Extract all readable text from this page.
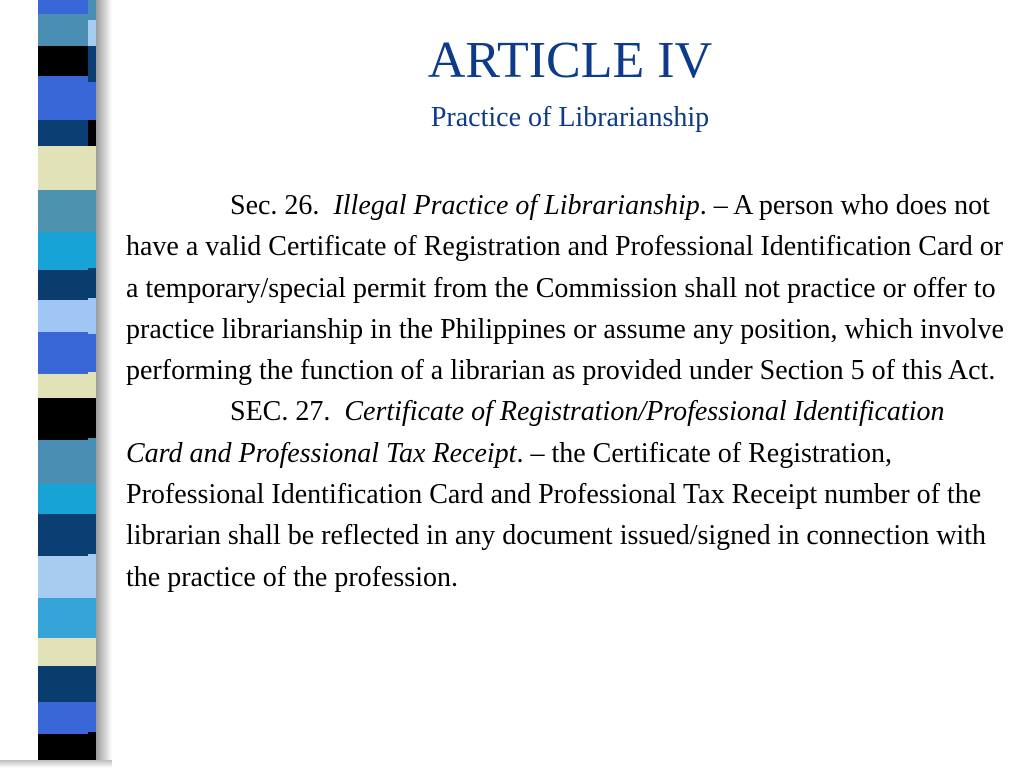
ARTICLE IV
Practice of Librarianship

Sec. 26. Illegal Practice of Librarianship. – A person who does not have a valid Certificate of Registration and Professional Identification Card or a temporary/special permit from the Commission shall not practice or offer to practice librarianship in the Philippines or assume any position, which involve performing the function of a librarian as provided under Section 5 of this Act.

SEC. 27. Certificate of Registration/Professional Identification Card and Professional Tax Receipt. – the Certificate of Registration, Professional Identification Card and Professional Tax Receipt number of the librarian shall be reflected in any document issued/signed in connection with the practice of the profession.
